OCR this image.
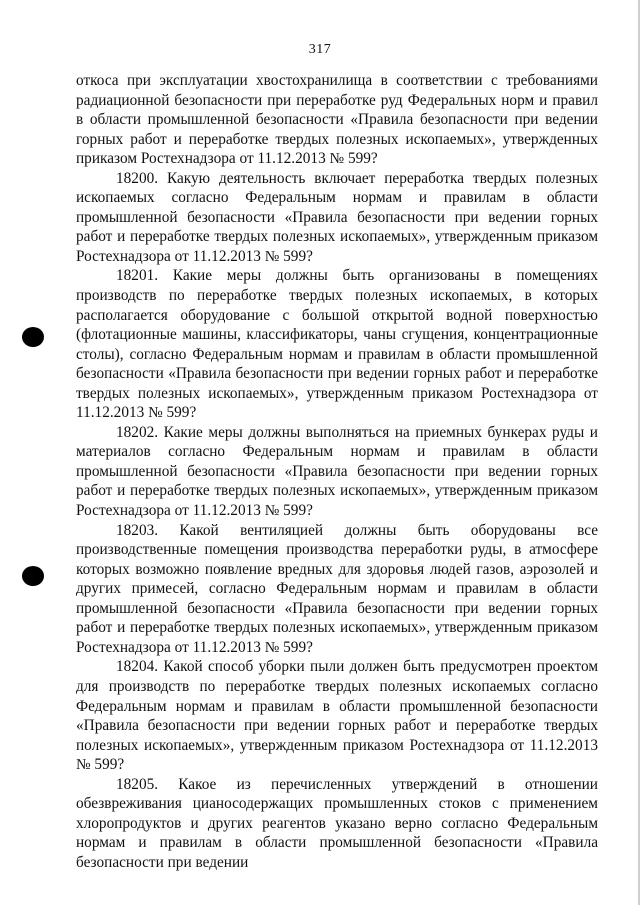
317

откоса при эксплуатации хвостохранилища в соответствии с требованиями радиационной безопасности при переработке руд Федеральных норм и правил в области промышленной безопасности «Правила безопасности при ведении горных работ и переработке твердых полезных ископаемых», утвержденных приказом Ростехнадзора от 11.12.2013 № 599?

18200. Какую деятельность включает переработка твердых полезных ископаемых согласно Федеральным нормам и правилам в области промышленной безопасности «Правила безопасности при ведении горных работ и переработке твердых полезных ископаемых», утвержденным приказом Ростехнадзора от 11.12.2013 № 599?

18201. Какие меры должны быть организованы в помещениях производств по переработке твердых полезных ископаемых, в которых располагается оборудование с большой открытой водной поверхностью (флотационные машины, классификаторы, чаны сгущения, концентрационные столы), согласно Федеральным нормам и правилам в области промышленной безопасности «Правила безопасности при ведении горных работ и переработке твердых полезных ископаемых», утвержденным приказом Ростехнадзора от 11.12.2013 № 599?

18202. Какие меры должны выполняться на приемных бункерах руды и материалов согласно Федеральным нормам и правилам в области промышленной безопасности «Правила безопасности при ведении горных работ и переработке твердых полезных ископаемых», утвержденным приказом Ростехнадзора от 11.12.2013 № 599?

18203. Какой вентиляцией должны быть оборудованы все производственные помещения производства переработки руды, в атмосфере которых возможно появление вредных для здоровья людей газов, аэрозолей и других примесей, согласно Федеральным нормам и правилам в области промышленной безопасности «Правила безопасности при ведении горных работ и переработке твердых полезных ископаемых», утвержденным приказом Ростехнадзора от 11.12.2013 № 599?

18204. Какой способ уборки пыли должен быть предусмотрен проектом для производств по переработке твердых полезных ископаемых согласно Федеральным нормам и правилам в области промышленной безопасности «Правила безопасности при ведении горных работ и переработке твердых полезных ископаемых», утвержденным приказом Ростехнадзора от 11.12.2013 № 599?

18205. Какое из перечисленных утверждений в отношении обезвреживания цианосодержащих промышленных стоков с применением хлоропродуктов и других реагентов указано верно согласно Федеральным нормам и правилам в области промышленной безопасности «Правила безопасности при ведении
